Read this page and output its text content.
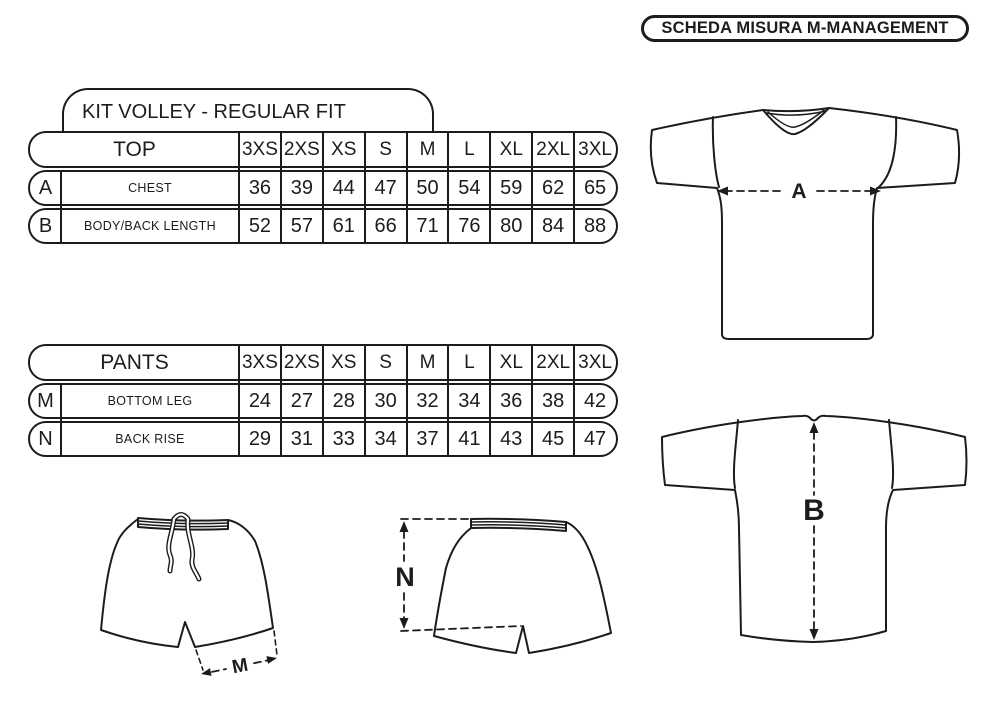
SCHEDA MISURA M-MANAGEMENT
KIT VOLLEY - REGULAR FIT
TOP	3XS 2XS XS S M L XL 2XL 3XL
A	CHEST	36 39 44 47 50 54 59 62 65
B	BODY/BACK LENGTH 52 57 61 66 71 76 80 84 88
PANTS	3XS 2XS XS S M L XL 2XL 3XL
M	BOTTOM LEG	24 27 28 30 32 34 36 38 42
N	BACK RISE	29 31 33 34 37 41 43 45 47
A
B
M
N
